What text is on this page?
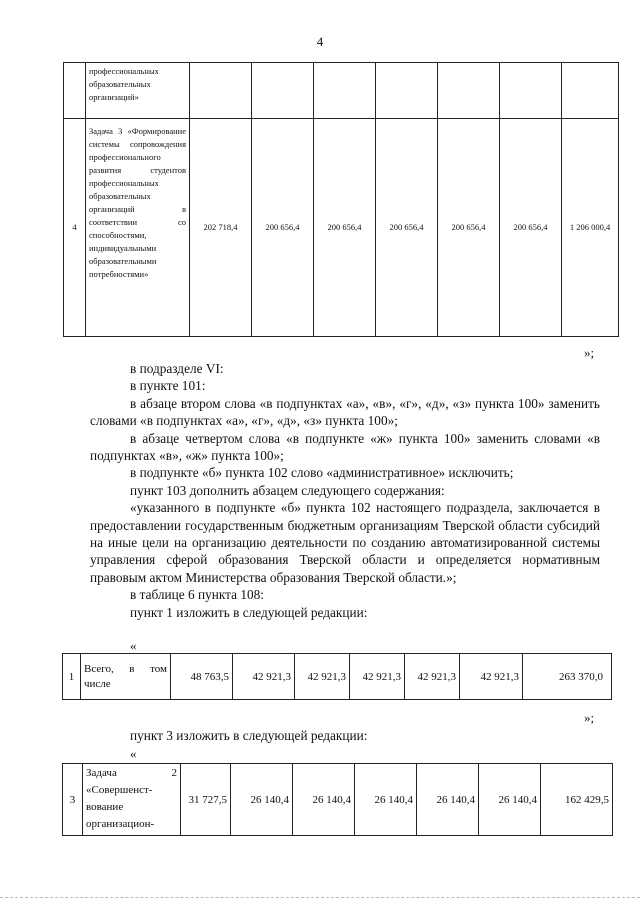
4
	профессиональных образовательных организаций»							
4	Задача 3 «Формирование системы сопровождения профессионального развития студентов профессиональных образовательных организаций в соответствии со способностями, индивидуальными образовательными потребностями»	202 718,4	200 656,4	200 656,4	200 656,4	200 656,4	200 656,4	1 206 000,4
»;

в подразделе VI:

в пункте 101:

в абзаце втором слова «в подпунктах «а», «в», «г», «д», «з» пункта 100» заменить словами «в подпунктах «а», «г», «д», «з» пункта 100»;

в абзаце четвертом слова «в подпункте «ж» пункта 100» заменить словами «в подпунктах «в», «ж» пункта 100»;

в подпункте «б» пункта 102 слово «административное» исключить;

пункт 103 дополнить абзацем следующего содержания:

«указанного в подпункте «б» пункта 102 настоящего подраздела, заключается в предоставлении государственным бюджетным организациям Тверской области субсидий на иные цели на организацию деятельности по созданию автоматизированной системы управления сферой образования Тверской области и определяется нормативным правовым актом Министерства образования Тверской области.»;

в таблице 6 пункта 108:

пункт 1 изложить в следующей редакции:

«
1	Всего, в том числе	48 763,5	42 921,3	42 921,3	42 921,3	42 921,3	42 921,3	263 370,0
»;

пункт 3 изложить в следующей редакции:

«
3	Задача 2 «Совершенст-вование организацион-	31 727,5	26 140,4	26 140,4	26 140,4	26 140,4	26 140,4	162 429,5
